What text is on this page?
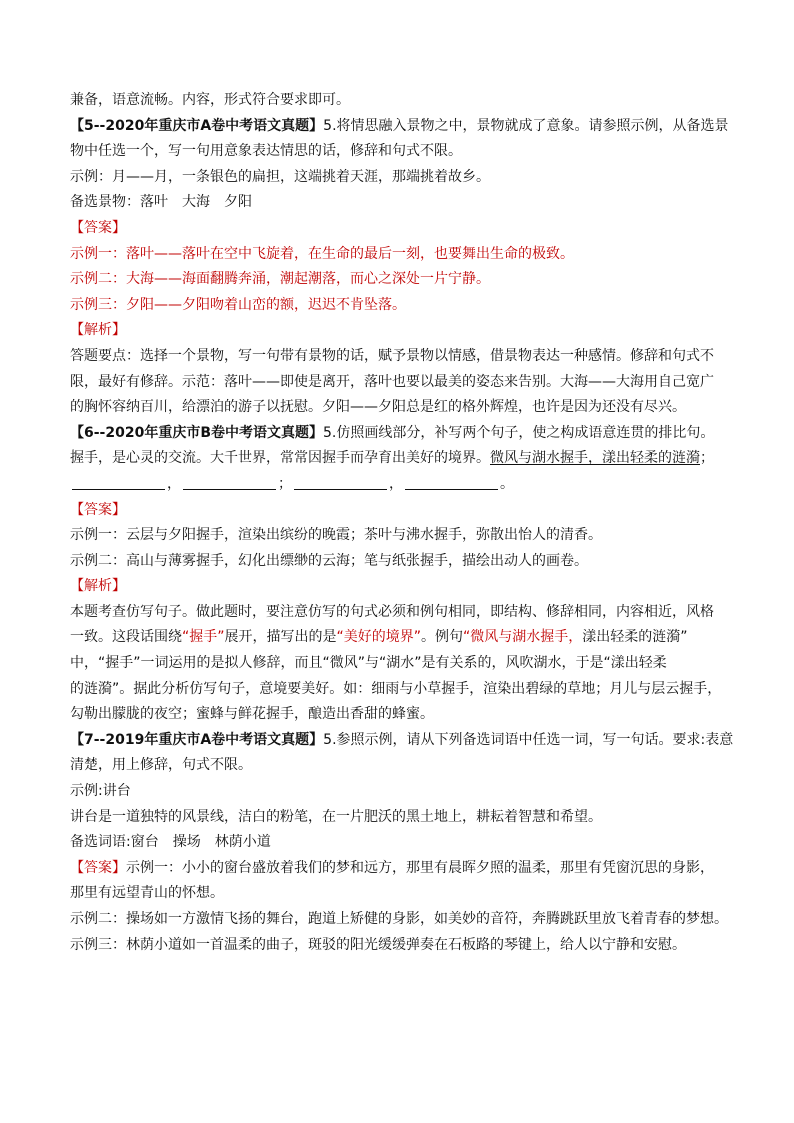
兼备，语意流畅。内容，形式符合要求即可。
【5--2020年重庆市A卷中考语文真题】5.将情思融入景物之中，景物就成了意象。请参照示例，从备选景
物中任选一个，写一句用意象表达情思的话，修辞和句式不限。
示例：月——月，一条银色的扁担，这端挑着天涯，那端挑着故乡。
备选景物：落叶　大海　夕阳
【答案】
示例一：落叶——落叶在空中飞旋着，在生命的最后一刻，也要舞出生命的极致。
示例二：大海——海面翻腾奔涌，潮起潮落，而心之深处一片宁静。
示例三：夕阳——夕阳吻着山峦的额，迟迟不肯坠落。
【解析】
答题要点：选择一个景物，写一句带有景物的话，赋予景物以情感，借景物表达一种感情。修辞和句式不
限，最好有修辞。示范：落叶——即使是离开，落叶也要以最美的姿态来告别。大海——大海用自己宽广
的胸怀容纳百川，给漂泊的游子以抚慰。夕阳——夕阳总是红的格外辉煌，也许是因为还没有尽兴。
【6--2020年重庆市B卷中考语文真题】5.仿照画线部分，补写两个句子，使之构成语意连贯的排比句。
握手，是心灵的交流。大千世界，常常因握手而孕育出美好的境界。微风与湖水握手，漾出轻柔的涟漪；
，	；	，	。
【答案】
示例一：云层与夕阳握手，渲染出缤纷的晚霞；茶叶与沸水握手，弥散出怡人的清香。
示例二：高山与薄雾握手，幻化出缥缈的云海；笔与纸张握手，描绘出动人的画卷。
【解析】
本题考查仿写句子。做此题时，要注意仿写的句式必须和例句相同，即结构、修辞相同，内容相近，风格
一致。这段话围绕“握手”展开，描写出的是“美好的境界”。例句“微风与湖水握手，漾出轻柔的涟漪”
中，“握手”一词运用的是拟人修辞，而且“微风”与“湖水”是有关系的，风吹湖水，于是“漾出轻柔
的涟漪”。据此分析仿写句子，意境要美好。如：细雨与小草握手，渲染出碧绿的草地；月儿与层云握手，
勾勒出朦胧的夜空；蜜蜂与鲜花握手，酿造出香甜的蜂蜜。
【7--2019年重庆市A卷中考语文真题】5.参照示例，请从下列备选词语中任选一词，写一句话。要求:表意
清楚，用上修辞，句式不限。
示例:讲台
讲台是一道独特的风景线，洁白的粉笔，在一片肥沃的黑土地上，耕耘着智慧和希望。
备选词语:窗台　操场　林荫小道
【答案】示例一：小小的窗台盛放着我们的梦和远方，那里有晨晖夕照的温柔，那里有凭窗沉思的身影，
那里有远望青山的怀想。
示例二：操场如一方激情飞扬的舞台，跑道上矫健的身影，如美妙的音符，奔腾跳跃里放飞着青春的梦想。
示例三：林荫小道如一首温柔的曲子，斑驳的阳光缓缓弹奏在石板路的琴键上，给人以宁静和安慰。
